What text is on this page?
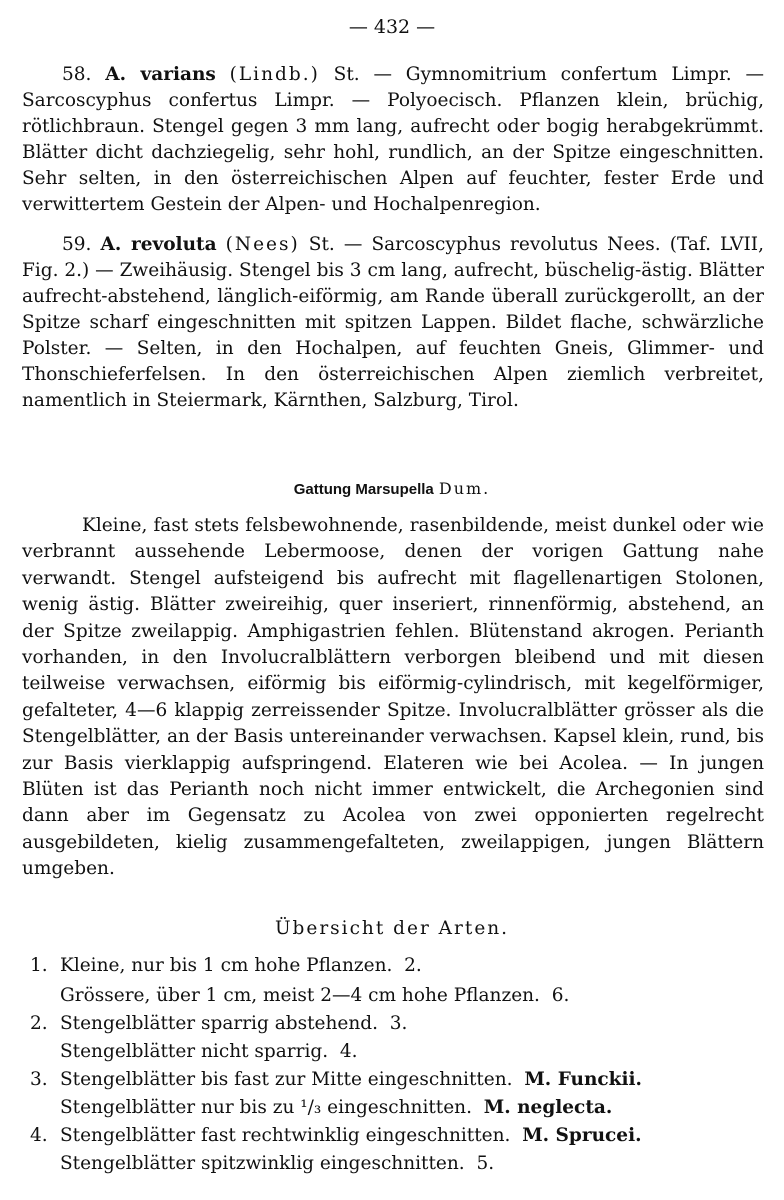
— 432 —
58. A. varians (Lindb.) St. — Gymnomitrium confertum Limpr. — Sarcoscyphus confertus Limpr. — Polyoecisch. Pflanzen klein, brüchig, rötlichbraun. Stengel gegen 3 mm lang, aufrecht oder bogig herabgekrümmt. Blätter dicht dachziegelig, sehr hohl, rundlich, an der Spitze eingeschnitten. Sehr selten, in den österreichischen Alpen auf feuchter, fester Erde und verwittertem Gestein der Alpen- und Hochalpenregion.
59. A. revoluta (Nees) St. — Sarcoscyphus revolutus Nees. (Taf. LVII, Fig. 2.) — Zweihäusig. Stengel bis 3 cm lang, aufrecht, büschelig-ästig. Blätter aufrecht-abstehend, länglich-eiförmig, am Rande überall zurückgerollt, an der Spitze scharf eingeschnitten mit spitzen Lappen. Bildet flache, schwärzliche Polster. — Selten, in den Hochalpen, auf feuchten Gneis, Glimmer- und Thonschieferfelsen. In den österreichischen Alpen ziemlich verbreitet, namentlich in Steiermark, Kärnthen, Salzburg, Tirol.
Gattung Marsupella Dum.
Kleine, fast stets felsbewohnende, rasenbildende, meist dunkel oder wie verbrannt aussehende Lebermoose, denen der vorigen Gattung nahe verwandt. Stengel aufsteigend bis aufrecht mit flagellenartigen Stolonen, wenig ästig. Blätter zweireihig, quer inseriert, rinnenförmig, abstehend, an der Spitze zweilappig. Amphigastrien fehlen. Blütenstand akrogen. Perianth vorhanden, in den Involucralblättern verborgen bleibend und mit diesen teilweise verwachsen, eiförmig bis eiförmig-cylindrisch, mit kegelförmiger, gefalteter, 4—6 klappig zerreissender Spitze. Involucralblätter grösser als die Stengelblätter, an der Basis untereinander verwachsen. Kapsel klein, rund, bis zur Basis vierklappig aufspringend. Elateren wie bei Acolea. — In jungen Blüten ist das Perianth noch nicht immer entwickelt, die Archegonien sind dann aber im Gegensatz zu Acolea von zwei opponierten regelrecht ausgebildeten, kielig zusammengefalteten, zweilappigen, jungen Blättern umgeben.
Übersicht der Arten.
1. Kleine, nur bis 1 cm hohe Pflanzen. 2.
Grössere, über 1 cm, meist 2—4 cm hohe Pflanzen. 6.
2. Stengelblätter sparrig abstehend. 3.
Stengelblätter nicht sparrig. 4.
3. Stengelblätter bis fast zur Mitte eingeschnitten. M. Funckii.
Stengelblätter nur bis zu ¹/₃ eingeschnitten. M. neglecta.
4. Stengelblätter fast rechtwinklig eingeschnitten. M. Sprucei.
Stengelblätter spitzwinklig eingeschnitten. 5.
